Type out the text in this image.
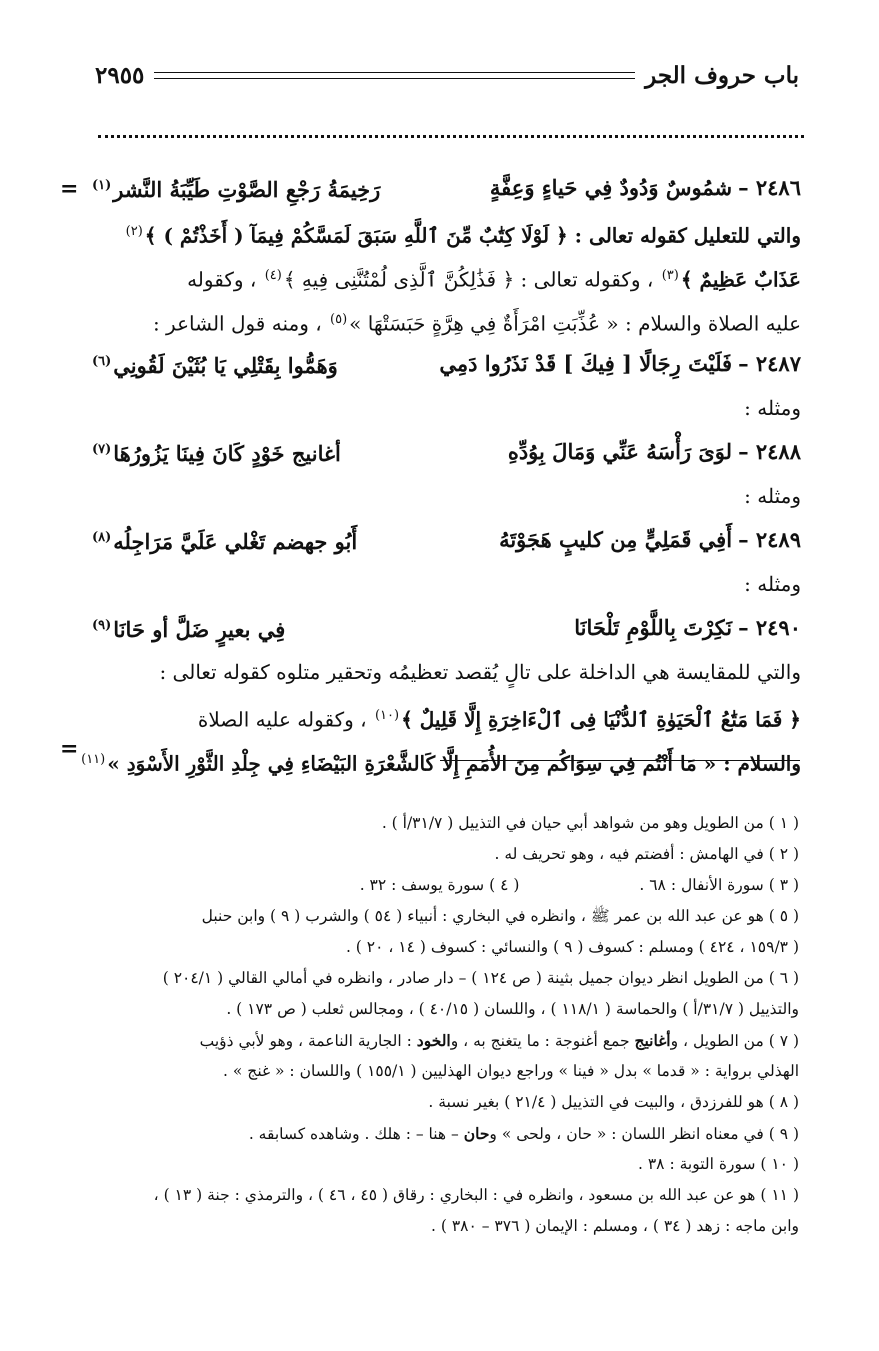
باب حروف الجر
٢٩٥٥
=
=
٢٤٨٦ –شمُوسٌ وَدُودٌ فِي حَياءٍ وَعِفَّةٍ
رَخِيمَةُ رَجْعِ الصَّوْتِ طَيِّبَةُ النَّشر$^{(١)}$
والتي للتعليل كقوله تعالى : ﴿ لَوْلَا كِتَٰبٌ مِّنَ ٱللَّهِ سَبَقَ لَمَسَّكُمْ فِيمَآ ( أَخَذْتُمْ ) ﴾$^{(٢)}$
عَذَابٌ عَظِيمٌ ﴾$^{(٣)}$ ، وكقوله تعالى : ﴿ فَذَٰلِكُنَّ ٱلَّذِى لُمْتُنَّنِى فِيهِ ﴾$^{(٤)}$ ، وكقوله
عليه الصلاة والسلام : « عُذِّبَتِ امْرَأَةٌ فِي هِرَّةٍ حَبَسَتْهَا »$^{(٥)}$ ، ومنه قول الشاعر :
٢٤٨٧ –فَلَيْتَ رِجَالًا [ فِيكَ ] قَدْ نَذَرُوا دَمِي
وَهَمُّوا بِقَتْلِي يَا بُثَيْنَ لَقُونِي$^{(٦)}$
ومثله :
٢٤٨٨ –لوَىَ رَأْسَهُ عَنِّي وَمَالَ بِوُدِّهِ
أغانيج خَوْدٍ كَانَ فِينَا يَزُورُهَا$^{(٧)}$
ومثله :
٢٤٨٩ –أَفِي قَمَلِيٍّ مِن كليبٍ هَجَوْتَهُ
أَبُو جهضم تَغْلي عَلَيَّ مَرَاجِلُه$^{(٨)}$
ومثله :
٢٤٩٠ –نَكِرْتَ بِاللَّوْمِ تَلْحَانَا
فِي بعيرٍ ضَلَّ أو حَانَا$^{(٩)}$
والتي للمقايسة هي الداخلة على تالٍ يُقصد تعظيمُه وتحقير متلوه كقوله تعالى :
﴿ فَمَا مَتَٰعُ ٱلْحَيَوٰةِ ٱلدُّنْيَا فِى ٱلْءَاخِرَةِ إِلَّا قَلِيلٌ ﴾$^{(١٠)}$ ، وكقوله عليه الصلاة
والسلام : « مَا أَنْتُم فِي سِوَاكُم مِنَ الأُمَمِ إِلَّا كَالشَّعْرَةِ البَيْضَاءِ فِي جِلْدِ الثَّوْرِ الأَسْوَدِ »$^{(١١)}$
( ١ ) من الطويل وهو من شواهد أبي حيان في التذييل ( ٣١/٧/أ ) .
( ٢ ) في الهامش : أفضتم فيه ، وهو تحريف له .
( ٣ ) سورة الأنفال : ٦٨ .
( ٤ ) سورة يوسف : ٣٢ .
( ٥ ) هو عن عبد الله بن عمر ﷺ ، وانظره في البخاري : أنبياء ( ٥٤ ) والشرب ( ٩ ) وابن حنبل
( ١٥٩/٣ ، ٤٢٤ ) ومسلم : كسوف ( ٩ ) والنسائي : كسوف ( ١٤ ، ٢٠ ) .
( ٦ ) من الطويل انظر ديوان جميل بثينة ( ص ١٢٤ ) – دار صادر ، وانظره في أمالي القالي ( ٢٠٤/١ )
والتذييل ( ٣١/٧/أ ) والحماسة ( ١١٨/١ ) ، واللسان ( ٤٠/١٥ ) ، ومجالس ثعلب ( ص ١٧٣ ) .
( ٧ ) من الطويل ، وأغانيج جمع أغنوجة : ما يتغنج به ، والخود : الجارية الناعمة ، وهو لأبي ذؤيب
الهذلي برواية : « قدما » بدل « فينا » وراجع ديوان الهذليين ( ١٥٥/١ ) واللسان : « غنج » .
( ٨ ) هو للفرزدق ، والبيت في التذييل ( ٢١/٤ ) بغير نسبة .
( ٩ ) في معناه انظر اللسان : « حان ، ولحى » وحان – هنا – : هلك . وشاهده كسابقه .
( ١٠ ) سورة التوبة : ٣٨ .
( ١١ ) هو عن عبد الله بن مسعود ، وانظره في : البخاري : رقاق ( ٤٥ ، ٤٦ ) ، والترمذي : جنة ( ١٣ ) ،
وابن ماجه : زهد ( ٣٤ ) ، ومسلم : الإيمان ( ٣٧٦ – ٣٨٠ ) .
